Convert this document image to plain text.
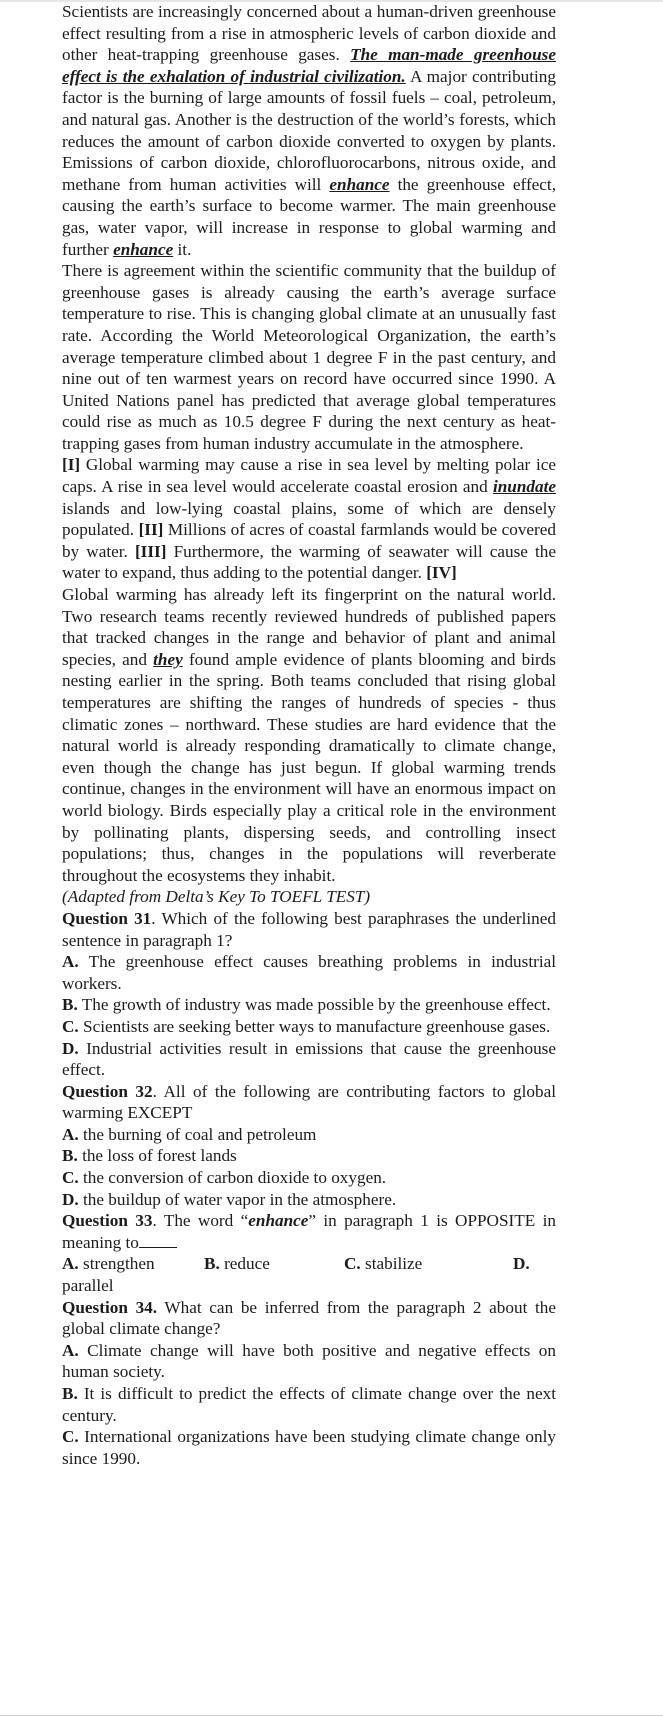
Scientists are increasingly concerned about a human-driven greenhouse effect resulting from a rise in atmospheric levels of carbon dioxide and other heat-trapping greenhouse gases. The man-made greenhouse effect is the exhalation of industrial civilization. A major contributing factor is the burning of large amounts of fossil fuels – coal, petroleum, and natural gas. Another is the destruction of the world’s forests, which reduces the amount of carbon dioxide converted to oxygen by plants. Emissions of carbon dioxide, chlorofluorocarbons, nitrous oxide, and methane from human activities will enhance the greenhouse effect, causing the earth’s surface to become warmer. The main greenhouse gas, water vapor, will increase in response to global warming and further enhance it.

There is agreement within the scientific community that the buildup of greenhouse gases is already causing the earth’s average surface temperature to rise. This is changing global climate at an unusually fast rate. According the World Meteorological Organization, the earth’s average temperature climbed about 1 degree F in the past century, and nine out of ten warmest years on record have occurred since 1990. A United Nations panel has predicted that average global temperatures could rise as much as 10.5 degree F during the next century as heat-trapping gases from human industry accumulate in the atmosphere.

[I] Global warming may cause a rise in sea level by melting polar ice caps. A rise in sea level would accelerate coastal erosion and inundate islands and low-lying coastal plains, some of which are densely populated. [II] Millions of acres of coastal farmlands would be covered by water. [III] Furthermore, the warming of seawater will cause the water to expand, thus adding to the potential danger. [IV]

Global warming has already left its fingerprint on the natural world. Two research teams recently reviewed hundreds of published papers that tracked changes in the range and behavior of plant and animal species, and they found ample evidence of plants blooming and birds nesting earlier in the spring. Both teams concluded that rising global temperatures are shifting the ranges of hundreds of species - thus climatic zones – northward. These studies are hard evidence that the natural world is already responding dramatically to climate change, even though the change has just begun. If global warming trends continue, changes in the environment will have an enormous impact on world biology. Birds especially play a critical role in the environment by pollinating plants, dispersing seeds, and controlling insect populations; thus, changes in the populations will reverberate throughout the ecosystems they inhabit.

(Adapted from Delta’s Key To TOEFL TEST)

Question 31. Which of the following best paraphrases the underlined sentence in paragraph 1?

A. The greenhouse effect causes breathing problems in industrial workers.

B. The growth of industry was made possible by the greenhouse effect.

C. Scientists are seeking better ways to manufacture greenhouse gases.

D. Industrial activities result in emissions that cause the greenhouse effect.

Question 32. All of the following are contributing factors to global warming EXCEPT

A. the burning of coal and petroleum

B. the loss of forest lands

C. the conversion of carbon dioxide to oxygen.

D. the buildup of water vapor in the atmosphere.

Question 33. The word “enhance” in paragraph 1 is OPPOSITE in meaning to

A. strengthen	B. reduce	C. stabilize	D.

parallel

Question 34. What can be inferred from the paragraph 2 about the global climate change?

A. Climate change will have both positive and negative effects on human society.

B. It is difficult to predict the effects of climate change over the next century.

C. International organizations have been studying climate change only since 1990.
